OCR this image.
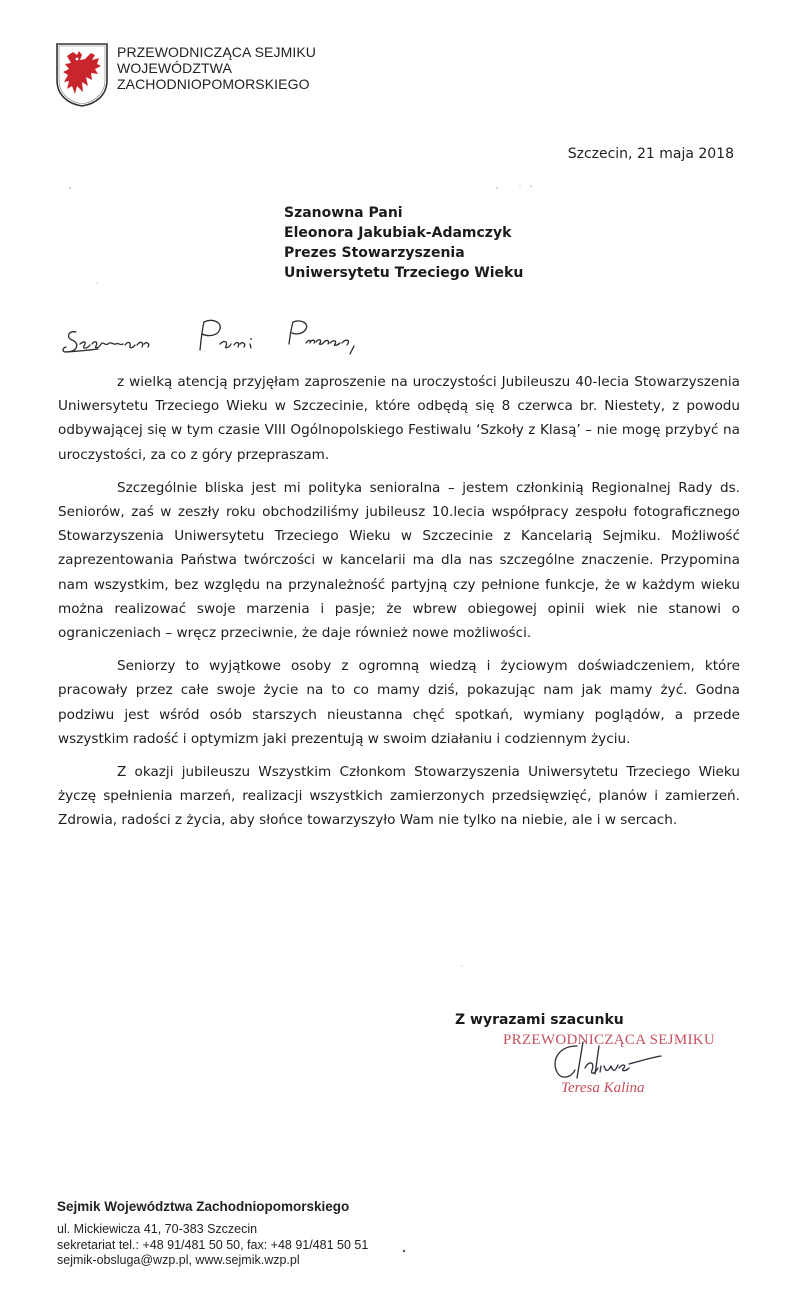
PRZEWODNICZĄCA SEJMIKU
WOJEWÓDZTWA
ZACHODNIOPOMORSKIEGO
Szczecin, 21 maja 2018
Szanowna Pani
Eleonora Jakubiak-Adamczyk
Prezes Stowarzyszenia
Uniwersytetu Trzeciego Wieku

z wielką atencją przyjęłam zaproszenie na uroczystości Jubileuszu 40-lecia Stowarzyszenia Uniwersytetu Trzeciego Wieku w Szczecinie, które odbędą się 8 czerwca br. Niestety, z powodu odbywającej się w tym czasie VIII Ogólnopolskiego Festiwalu ‘Szkoły z Klasą’ – nie mogę przybyć na uroczystości, za co z góry przepraszam.

Szczególnie bliska jest mi polityka senioralna – jestem członkinią Regionalnej Rady ds. Seniorów, zaś w zeszły roku obchodziliśmy jubileusz 10.lecia współpracy zespołu fotograficznego Stowarzyszenia Uniwersytetu Trzeciego Wieku w Szczecinie z Kancelarią Sejmiku. Możliwość zaprezentowania Państwa twórczości w kancelarii ma dla nas szczególne znaczenie. Przypomina nam wszystkim, bez względu na przynależność partyjną czy pełnione funkcje, że w każdym wieku można realizować swoje marzenia i pasje; że wbrew obiegowej opinii wiek nie stanowi o ograniczeniach – wręcz przeciwnie, że daje również nowe możliwości.

Seniorzy to wyjątkowe osoby z ogromną wiedzą i życiowym doświadczeniem, które pracowały przez całe swoje życie na to co mamy dziś, pokazując nam jak mamy żyć. Godna podziwu jest wśród osób starszych nieustanna chęć spotkań, wymiany poglądów, a przede wszystkim radość i optymizm jaki prezentują w swoim działaniu i codziennym życiu.

Z okazji jubileuszu Wszystkim Członkom Stowarzyszenia Uniwersytetu Trzeciego Wieku życzę spełnienia marzeń, realizacji wszystkich zamierzonych przedsięwzięć, planów i zamierzeń. Zdrowia, radości z życia, aby słońce towarzyszyło Wam nie tylko na niebie, ale i w sercach.

Z wyrazami szacunku
PRZEWODNICZĄCA SEJMIKU
Teresa Kalina
Sejmik Województwa Zachodniopomorskiego
ul. Mickiewicza 41, 70-383 Szczecin
sekretariat tel.: +48 91/481 50 50, fax: +48 91/481 50 51
sejmik-obsluga@wzp.pl, www.sejmik.wzp.pl
